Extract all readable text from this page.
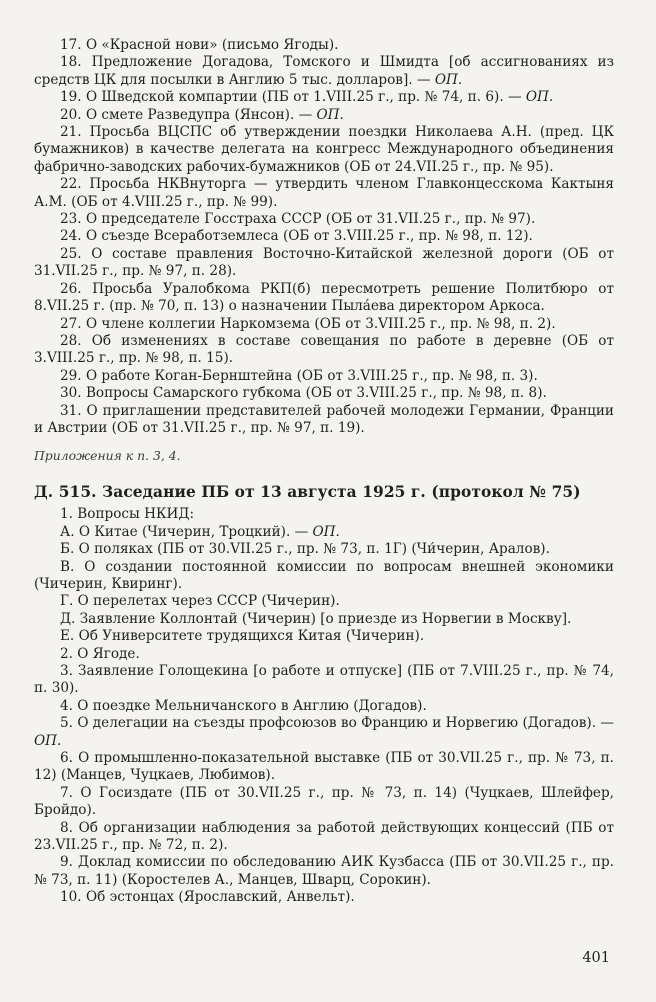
17. О «Красной нови» (письмо Ягоды).

18. Предложение Догадова, Томского и Шмидта [об ассигнованиях из средств ЦК для посылки в Англию 5 тыс. долларов]. — ОП.

19. О Шведской компартии (ПБ от 1.VIII.25 г., пр. № 74, п. 6). — ОП.

20. О смете Разведупра (Янсон). — ОП.

21. Просьба ВЦСПС об утверждении поездки Николаева А.Н. (пред. ЦК бумажников) в качестве делегата на конгресс Международного объединения фабрично-заводских рабочих-бумажников (ОБ от 24.VII.25 г., пр. № 95).

22. Просьба НКВнуторга — утвердить членом Главконцесскома Кактыня А.М. (ОБ от 4.VIII.25 г., пр. № 99).

23. О председателе Госстраха СССР (ОБ от 31.VII.25 г., пр. № 97).

24. О съезде Всеработземлеса (ОБ от 3.VIII.25 г., пр. № 98, п. 12).

25. О составе правления Восточно-Китайской железной дороги (ОБ от 31.VII.25 г., пр. № 97, п. 28).

26. Просьба Уралобкома РКП(б) пересмотреть решение Политбюро от 8.VII.25 г. (пр. № 70, п. 13) о назначении Пыла́ева директором Аркоса.

27. О члене коллегии Наркомзема (ОБ от 3.VIII.25 г., пр. № 98, п. 2).

28. Об изменениях в составе совещания по работе в деревне (ОБ от 3.VIII.25 г., пр. № 98, п. 15).

29. О работе Коган-Бернштейна (ОБ от 3.VIII.25 г., пр. № 98, п. 3).

30. Вопросы Самарского губкома (ОБ от 3.VIII.25 г., пр. № 98, п. 8).

31. О приглашении представителей рабочей молодежи Германии, Франции и Австрии (ОБ от 31.VII.25 г., пр. № 97, п. 19).

Приложения к п. 3, 4.

Д. 515. Заседание ПБ от 13 августа 1925 г. (протокол № 75)

1. Вопросы НКИД:

А. О Китае (Чичерин, Троцкий). — ОП.

Б. О поляках (ПБ от 30.VII.25 г., пр. № 73, п. 1Г) (Чи́черин, Аралов).

В. О создании постоянной комиссии по вопросам внешней экономики (Чичерин, Квиринг).

Г. О перелетах через СССР (Чичерин).

Д. Заявление Коллонтай (Чичерин) [о приезде из Норвегии в Москву].

Е. Об Университете трудящихся Китая (Чичерин).

2. О Ягоде.

3. Заявление Голощекина [о работе и отпуске] (ПБ от 7.VIII.25 г., пр. № 74, п. 30).

4. О поездке Мельничанского в Англию (Догадов).

5. О делегации на съезды профсоюзов во Францию и Норвегию (Догадов). — ОП.

6. О промышленно-показательной выставке (ПБ от 30.VII.25 г., пр. № 73, п. 12) (Манцев, Чуцкаев, Любимов).

7. О Госиздате (ПБ от 30.VII.25 г., пр. № 73, п. 14) (Чуцкаев, Шлейфер, Бройдо).

8. Об организации наблюдения за работой действующих концессий (ПБ от 23.VII.25 г., пр. № 72, п. 2).

9. Доклад комиссии по обследованию АИК Кузбасса (ПБ от 30.VII.25 г., пр. № 73, п. 11) (Коростелев А., Манцев, Шварц, Сорокин).

10. Об эстонцах (Ярославский, Анвельт).

401
